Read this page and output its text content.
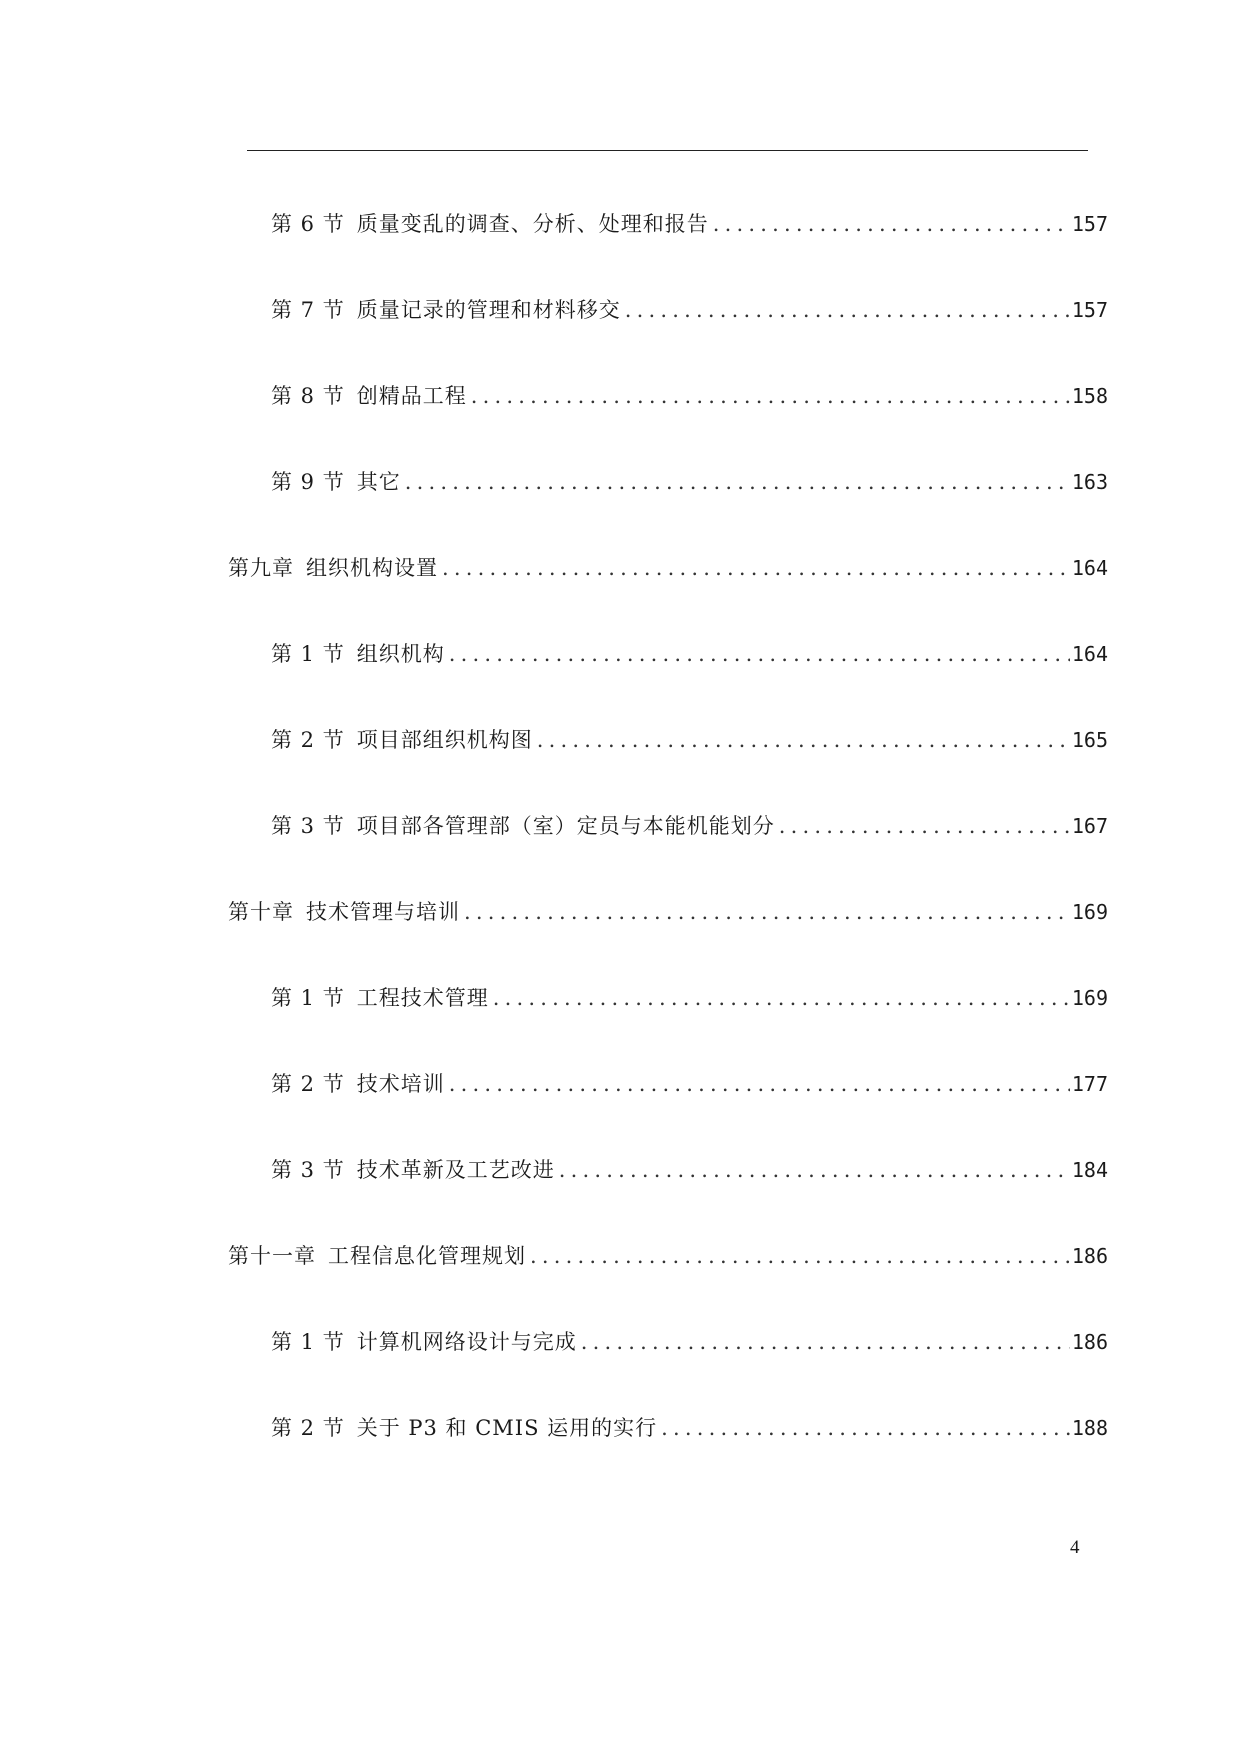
第 6 节 质量变乱的调查、分析、处理和报告 .....	157
第 7 节 质量记录的管理和材料移交 .....	157
第 8 节 创精品工程 .....	158
第 9 节 其它 .....	163
第九章 组织机构设置 .....	164
第 1 节 组织机构 .....	164
第 2 节 项目部组织机构图 .....	165
第 3 节 项目部各管理部（室）定员与本能机能划分 .....	167
第十章 技术管理与培训 .....	169
第 1 节 工程技术管理 .....	169
第 2 节 技术培训 .....	177
第 3 节 技术革新及工艺改进 .....	184
第十一章 工程信息化管理规划 .....	186
第 1 节 计算机网络设计与完成 .....	186
第 2 节 关于 P3 和 CMIS 运用的实行 .....	188
4
